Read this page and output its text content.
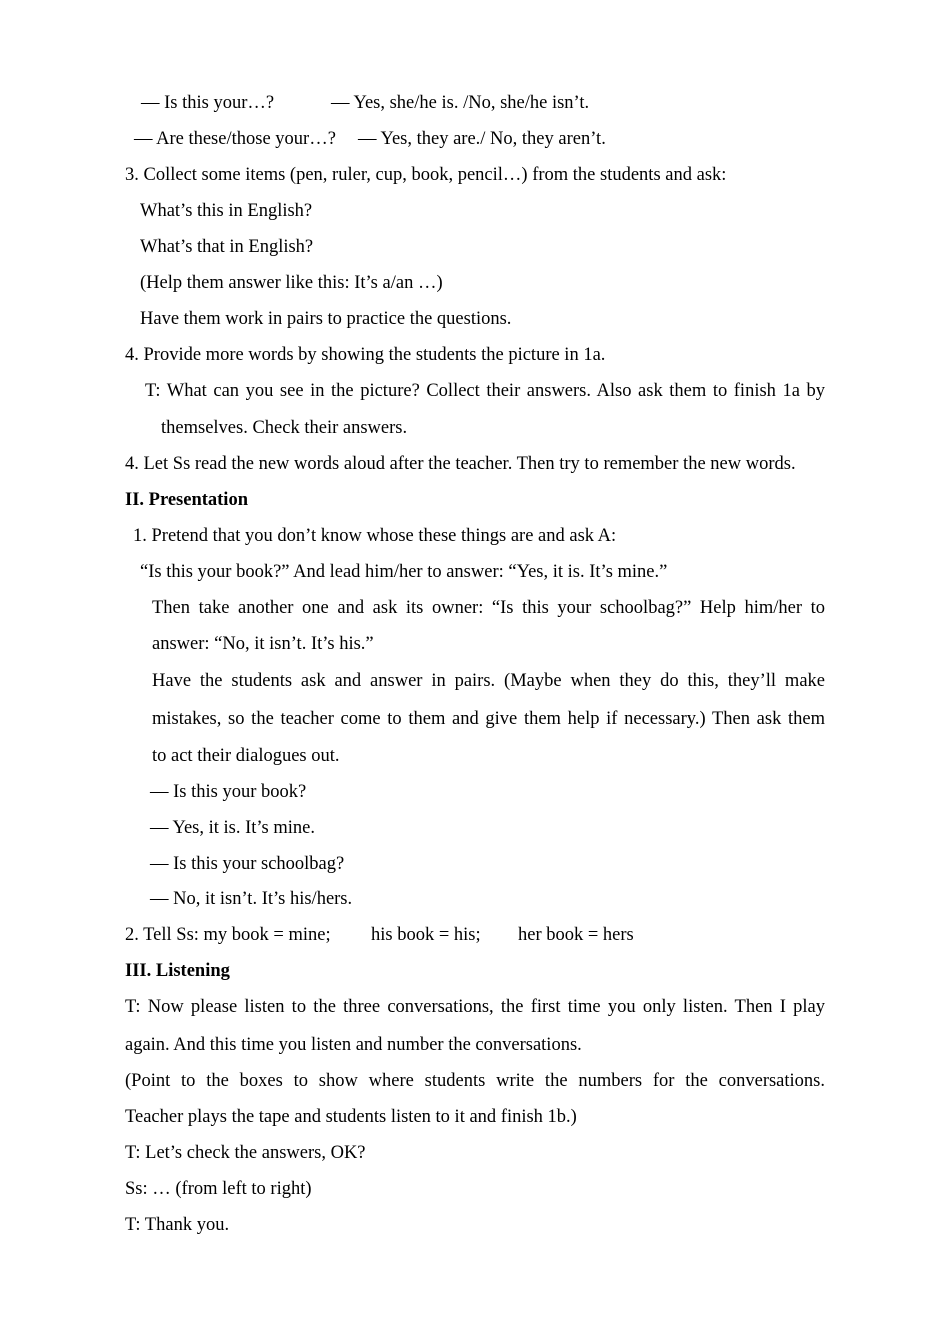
— Is this your…?	— Yes, she/he is. /No, she/he isn’t.
— Are these/those your…? — Yes, they are./ No, they aren’t.
3. Collect some items (pen, ruler, cup, book, pencil…) from the students and ask:
What’s this in English?
What’s that in English?
(Help them answer like this: It’s a/an …)
Have them work in pairs to practice the questions.
4. Provide more words by showing the students the picture in 1a.
T: What can you see in the picture? Collect their answers. Also ask them to finish 1a by
themselves. Check their answers.
4. Let Ss read the new words aloud after the teacher. Then try to remember the new words.
II. Presentation
1. Pretend that you don’t know whose these things are and ask A:
“Is this your book?” And lead him/her to answer: “Yes, it is. It’s mine.”
Then take another one and ask its owner: “Is this your schoolbag?” Help him/her to
answer: “No, it isn’t. It’s his.”
Have the students ask and answer in pairs. (Maybe when they do this, they’ll make
mistakes, so the teacher come to them and give them help if necessary.) Then ask them
to act their dialogues out.
— Is this your book?
— Yes, it is. It’s mine.
— Is this your schoolbag?
— No, it isn’t. It’s his/hers.
2. Tell Ss: my book = mine; his book = his; her book = hers
III. Listening
T: Now please listen to the three conversations, the first time you only listen. Then I play
again. And this time you listen and number the conversations.
(Point to the boxes to show where students write the numbers for the conversations.
Teacher plays the tape and students listen to it and finish 1b.)
T: Let’s check the answers, OK?
Ss: … (from left to right)
T: Thank you.
